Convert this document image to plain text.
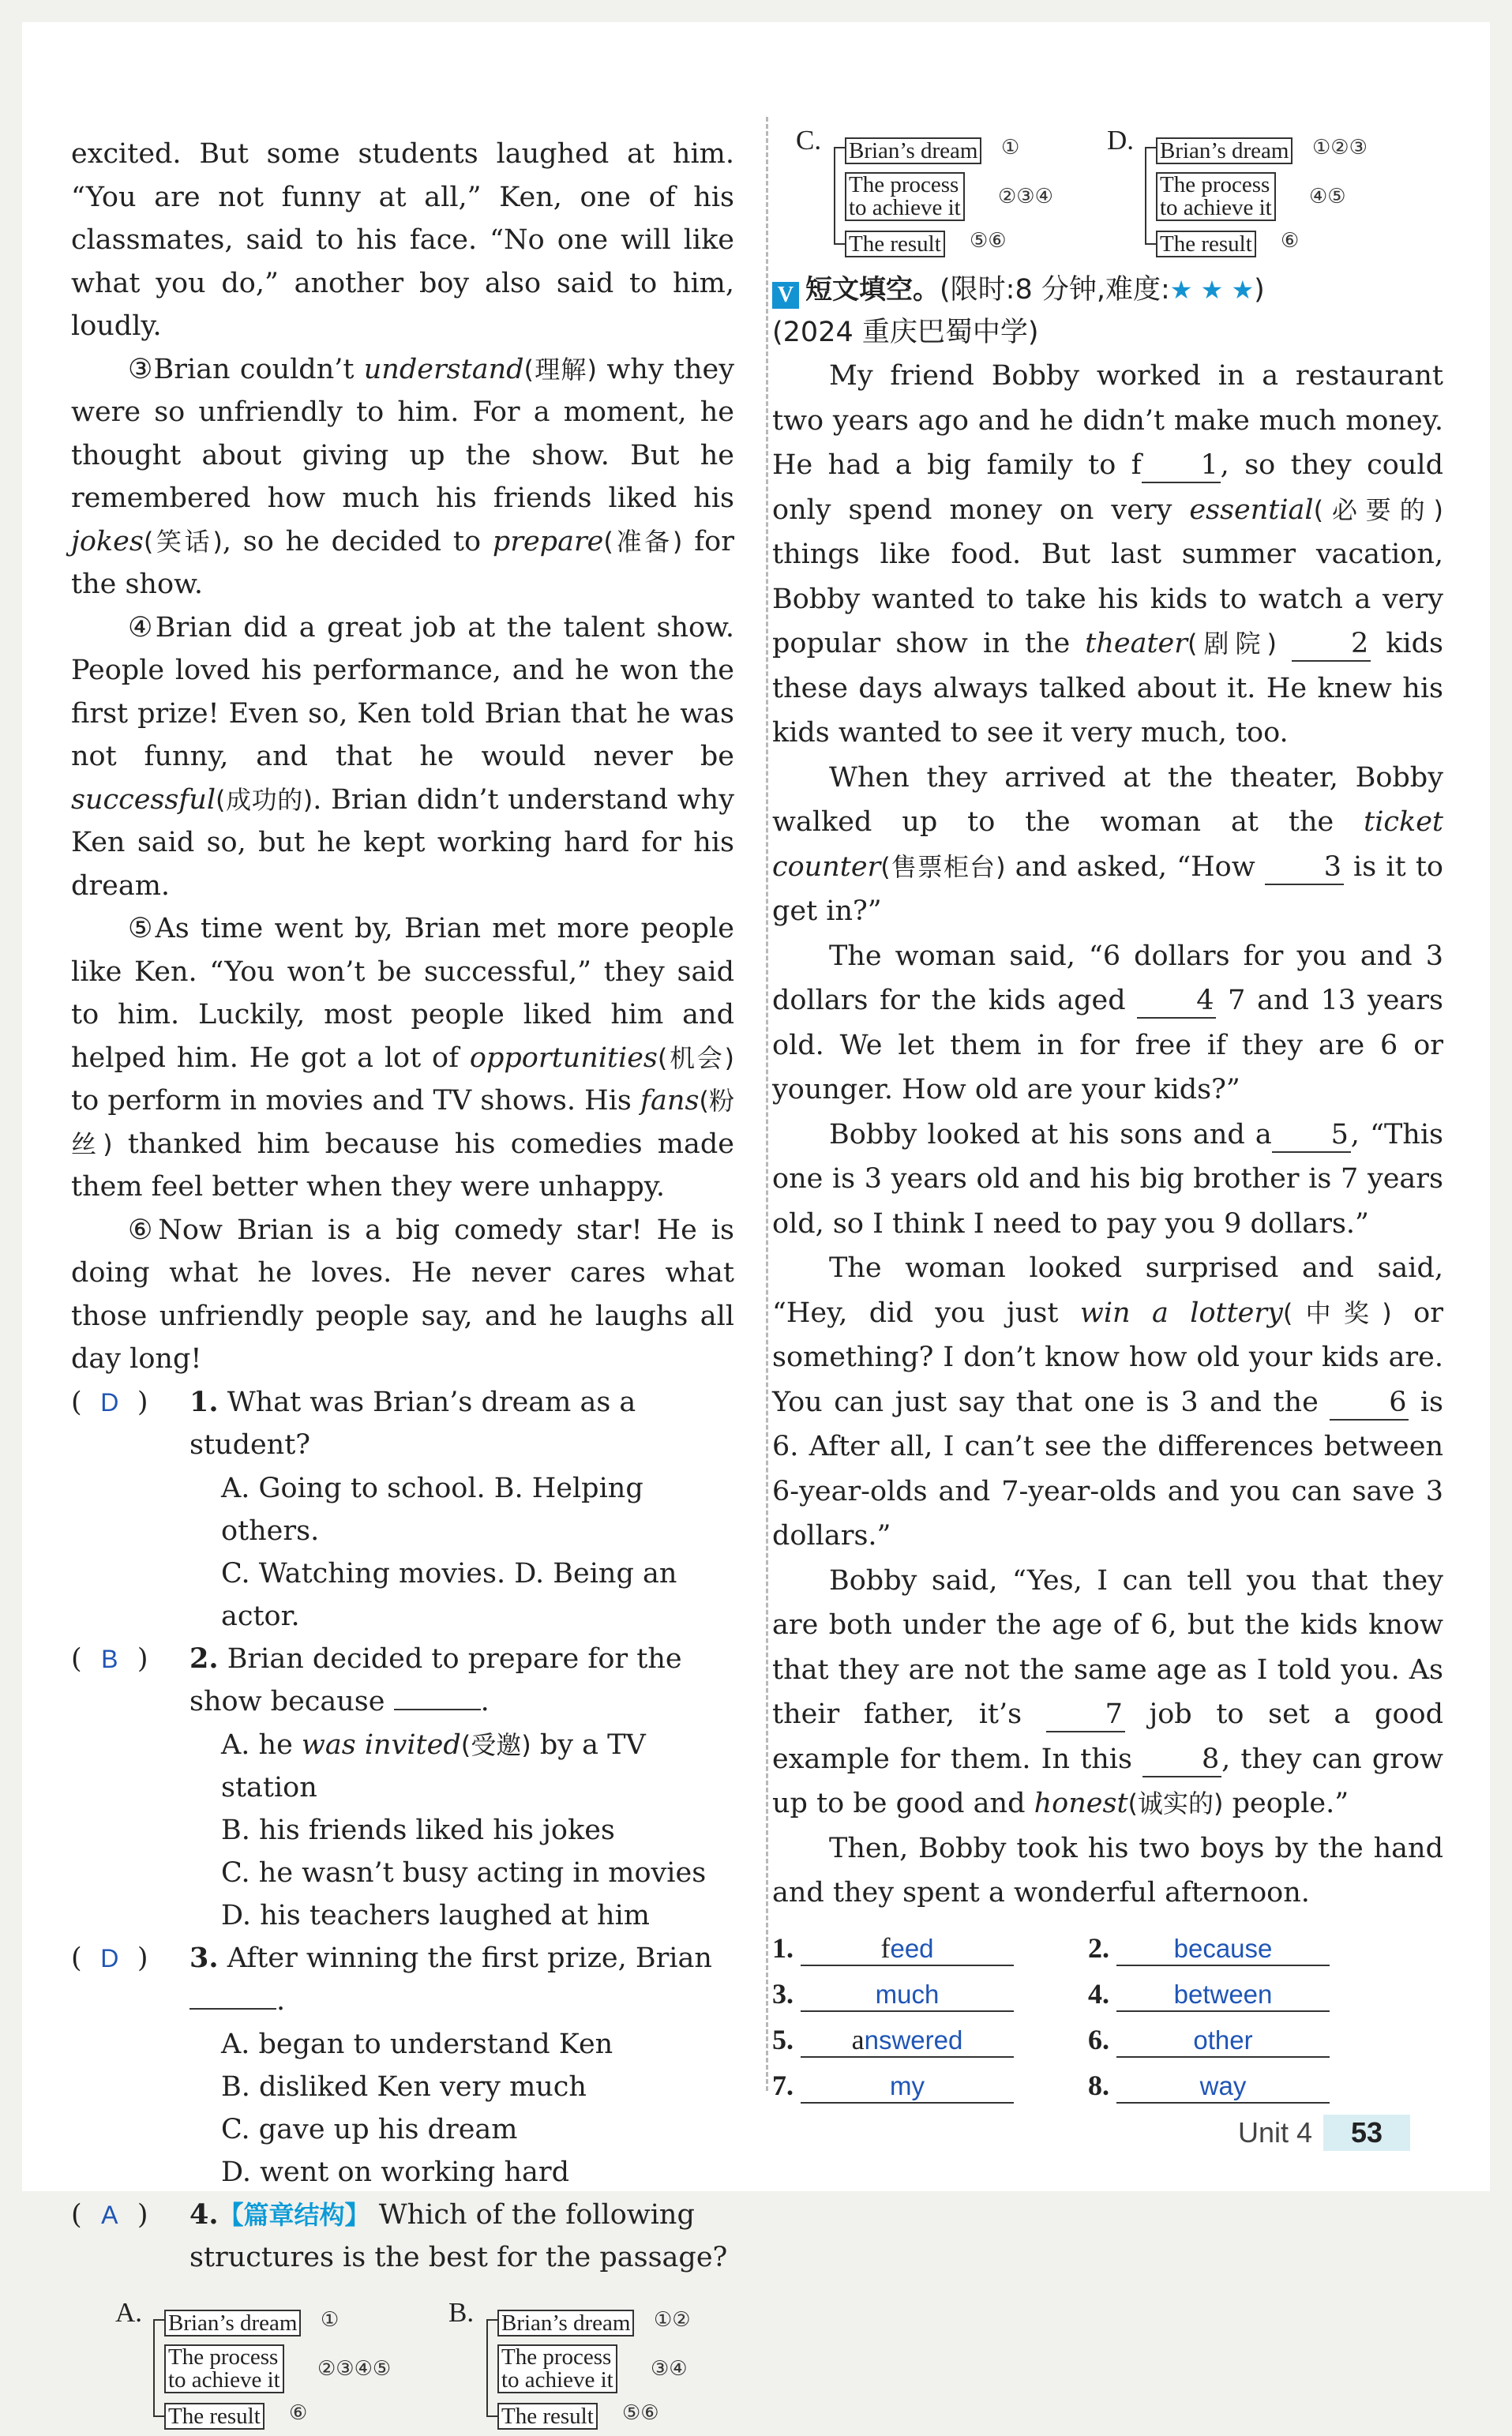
excited. But some students laughed at him. “You are not funny at all,” Ken, one of his classmates, said to his face. “No one will like what you do,” another boy also said to him, loudly.

③Brian couldn’t understand(理解) why they were so unfriendly to him. For a moment, he thought about giving up the show. But he remembered how much his friends liked his jokes(笑话), so he decided to prepare(准备) for the show.

④Brian did a great job at the talent show. People loved his performance, and he won the first prize! Even so, Ken told Brian that he was not funny, and that he would never be successful(成功的). Brian didn’t understand why Ken said so, but he kept working hard for his dream.

⑤As time went by, Brian met more people like Ken. “You won’t be successful,” they said to him. Luckily, most people liked him and helped him. He got a lot of opportunities(机会) to perform in movies and TV shows. His fans(粉丝) thanked him because his comedies made them feel better when they were unhappy.

⑥Now Brian is a big comedy star! He is doing what he loves. He never cares what those unfriendly people say, and he laughs all day long!

( D )	1. What was Brian’s dream as a student?

A. Going to school. B. Helping others.

C. Watching movies. D. Being an actor.

( B )	2. Brian decided to prepare for the show because	.

A. he was invited(受邀) by a TV station

B. his friends liked his jokes

C. he wasn’t busy acting in movies

D. his teachers laughed at him

( D )	3. After winning the first prize, Brian .

A. began to understand Ken

B. disliked Ken very much

C. gave up his dream

D. went on working hard

( A )	4.【篇章结构】 Which of the following structures is the best for the passage?

A. Brian’s dream ①
The process
to achieve it ②③④⑤
The result ⑥
B. Brian’s dream ①②
The process
to achieve it ③④
The result ⑤⑥
C. Brian’s dream ①
The process
to achieve it ②③④
The result ⑤⑥
D. Brian’s dream ①②③
The process
to achieve it ④⑤
The result ⑥

V 短文填空。(限时:8 分钟,难度:★ ★ ★)

(2024 重庆巴蜀中学)

My friend Bobby worked in a restaurant two years ago and he didn’t make much money. He had a big family to f 1, so they could only spend money on very essential(必要的) things like food. But last summer vacation, Bobby wanted to take his kids to watch a very popular show in the theater(剧院)	2 kids these days always talked about it. He knew his kids wanted to see it very much, too.

When they arrived at the theater, Bobby walked up to the woman at the ticket counter(售票柜台) and asked, “How 3 is it to get in?”

The woman said, “6 dollars for you and 3 dollars for the kids aged 4 7 and 13 years old. We let them in for free if they are 6 or younger. How old are your kids?”

Bobby looked at his sons and a 5, “This one is 3 years old and his big brother is 7 years old, so I think I need to pay you 9 dollars.”

The woman looked surprised and said, “Hey, did you just win a lottery(中奖) or something? I don’t know how old your kids are. You can just say that one is 3 and the 6 is 6. After all, I can’t see the differences between 6-year-olds and 7-year-olds and you can save 3 dollars.”

Bobby said, “Yes, I can tell you that they are both under the age of 6, but the kids know that they are not the same age as I told you. As their father, it’s 7 job to set a good example for them. In this 8, they can grow up to be good and honest(诚实的) people.”

Then, Bobby took his two boys by the hand and they spent a wonderful afternoon.

1.	feed	2. because
3.	much	4. between
5. answered	6.	other
7.	my	8.	way
Unit 4 53
